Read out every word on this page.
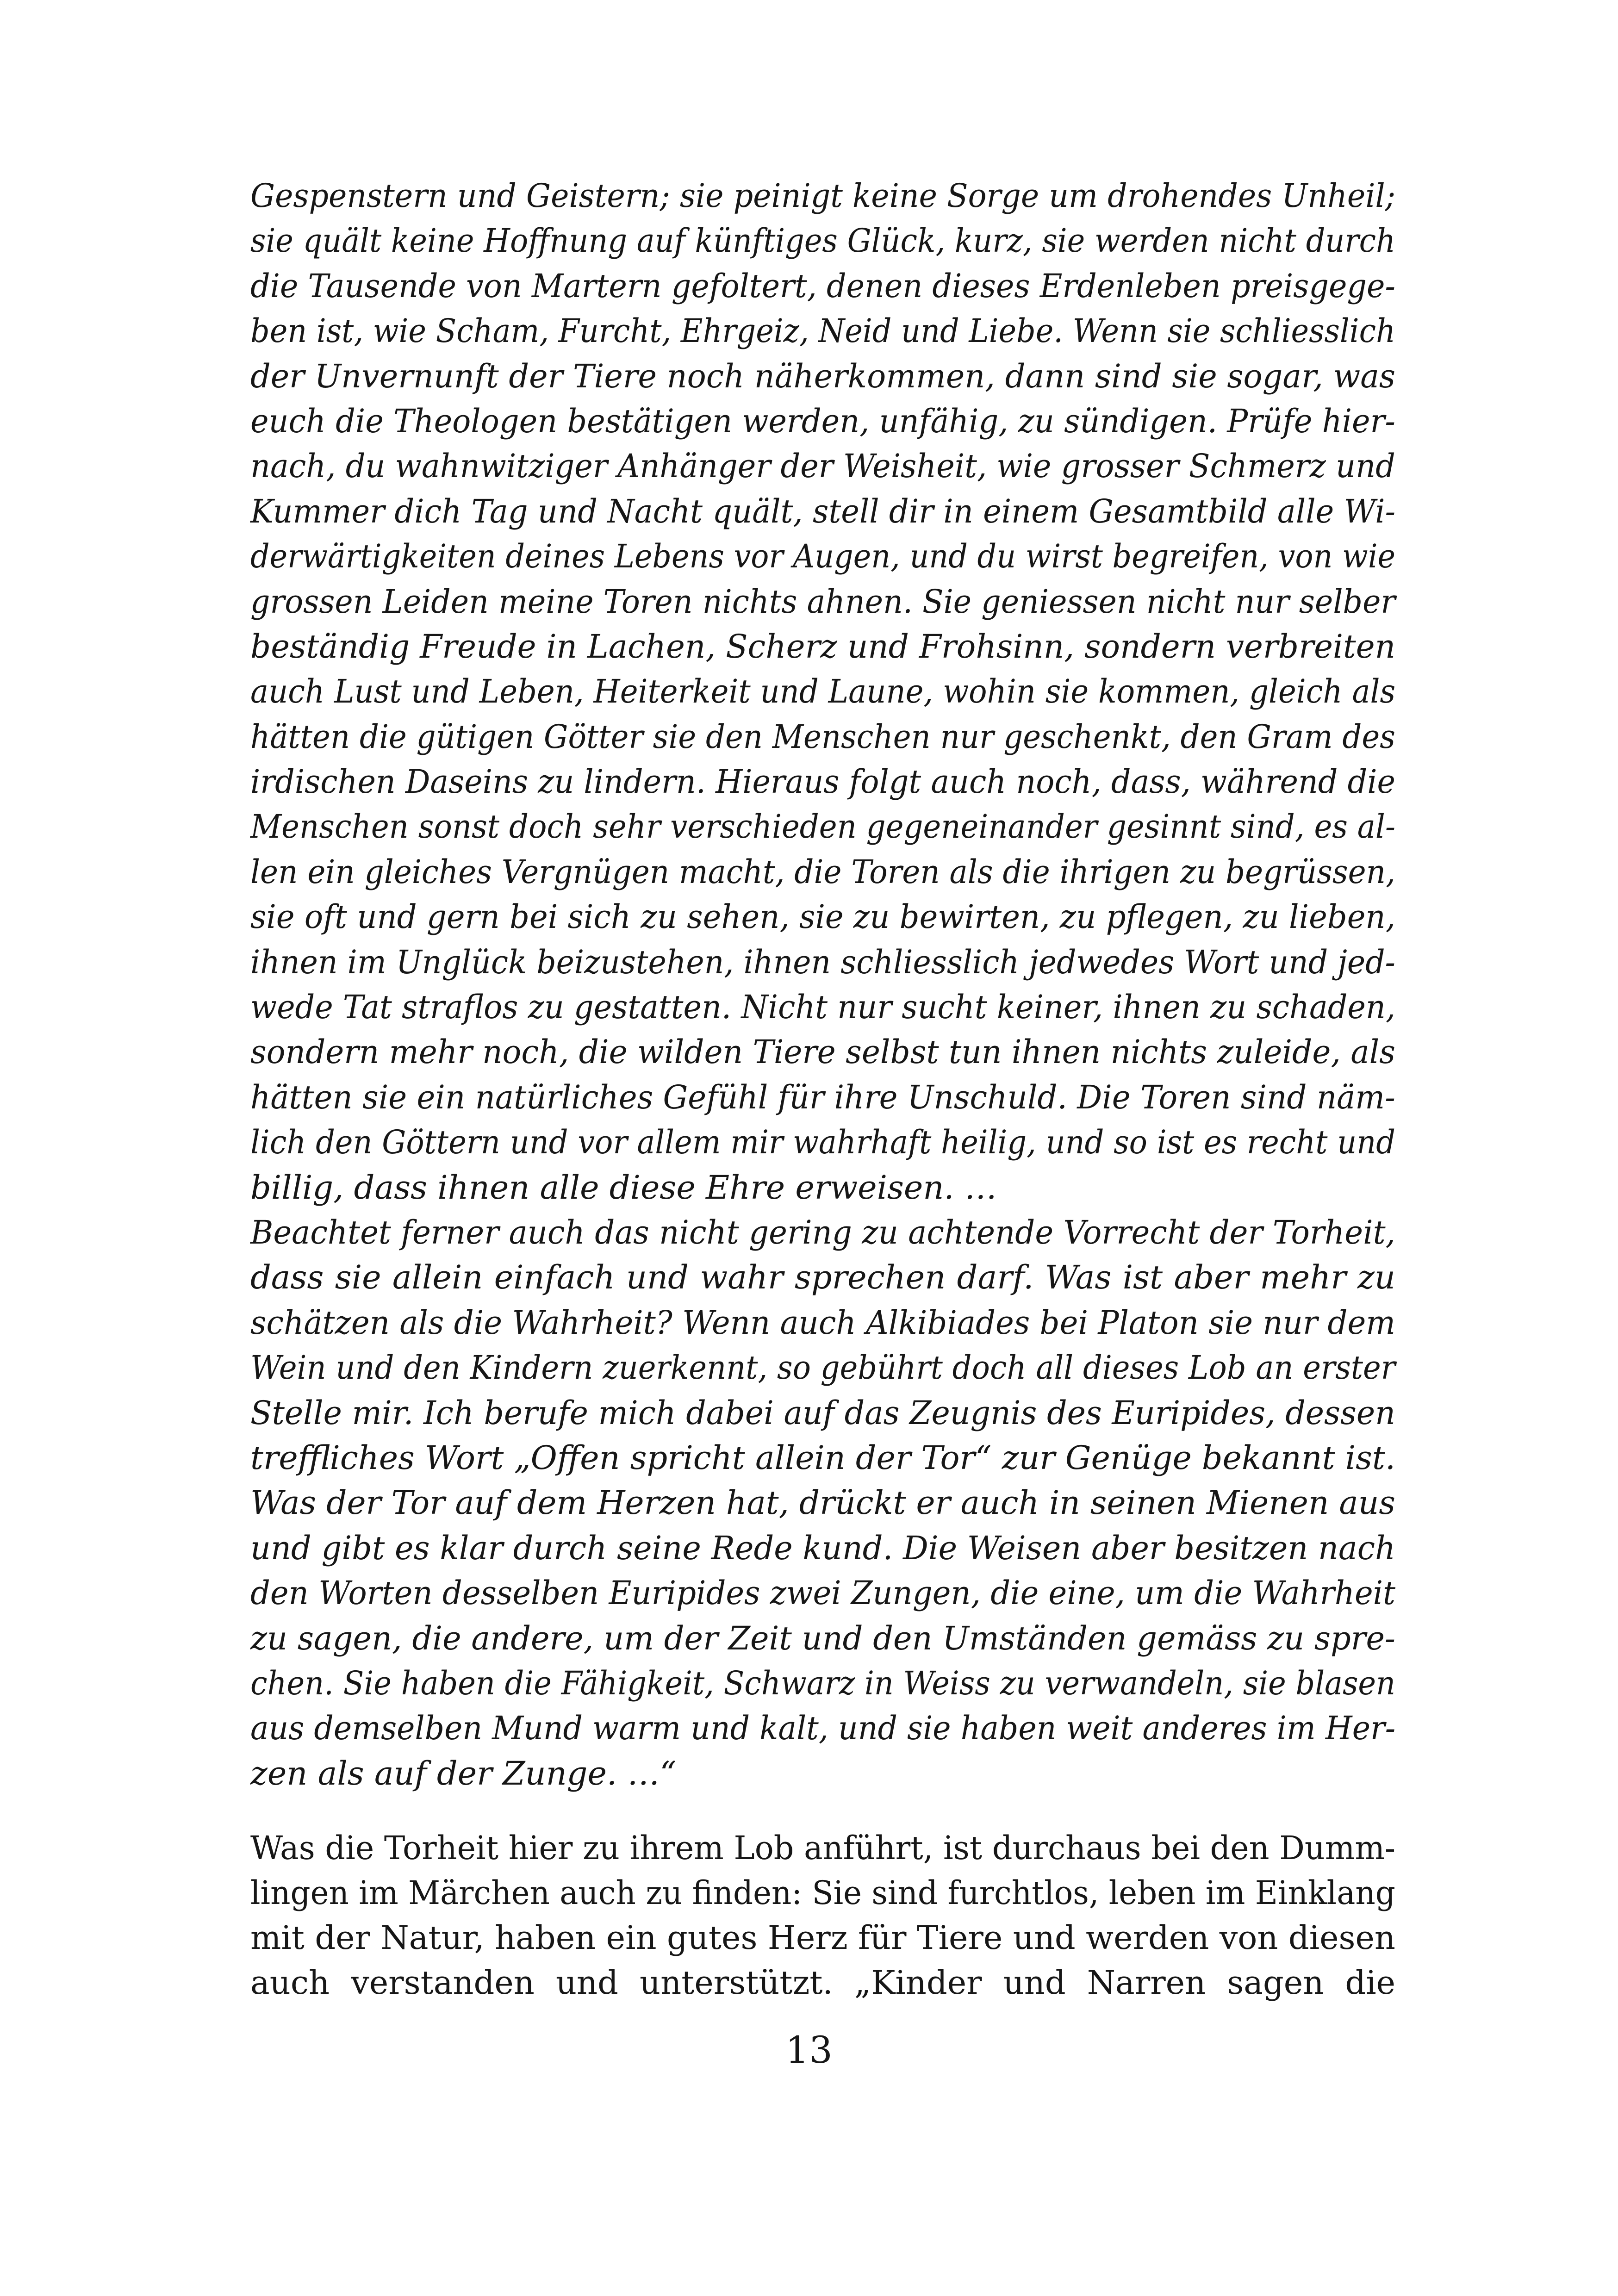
Gespenstern und Geistern; sie peinigt keine Sorge um drohendes Unheil;
sie quält keine Hoffnung auf künftiges Glück, kurz, sie werden nicht durch
die Tausende von Martern gefoltert, denen dieses Erdenleben preisgege-
ben ist, wie Scham, Furcht, Ehrgeiz, Neid und Liebe. Wenn sie schliesslich
der Unvernunft der Tiere noch näherkommen, dann sind sie sogar, was
euch die Theologen bestätigen werden, unfähig, zu sündigen. Prüfe hier-
nach, du wahnwitziger Anhänger der Weisheit, wie grosser Schmerz und
Kummer dich Tag und Nacht quält, stell dir in einem Gesamtbild alle Wi-
derwärtigkeiten deines Lebens vor Augen, und du wirst begreifen, von wie
grossen Leiden meine Toren nichts ahnen. Sie geniessen nicht nur selber
beständig Freude in Lachen, Scherz und Frohsinn, sondern verbreiten
auch Lust und Leben, Heiterkeit und Laune, wohin sie kommen, gleich als
hätten die gütigen Götter sie den Menschen nur geschenkt, den Gram des
irdischen Daseins zu lindern. Hieraus folgt auch noch, dass, während die
Menschen sonst doch sehr verschieden gegeneinander gesinnt sind, es al-
len ein gleiches Vergnügen macht, die Toren als die ihrigen zu begrüssen,
sie oft und gern bei sich zu sehen, sie zu bewirten, zu pflegen, zu lieben,
ihnen im Unglück beizustehen, ihnen schliesslich jedwedes Wort und jed-
wede Tat straflos zu gestatten. Nicht nur sucht keiner, ihnen zu schaden,
sondern mehr noch, die wilden Tiere selbst tun ihnen nichts zuleide, als
hätten sie ein natürliches Gefühl für ihre Unschuld. Die Toren sind näm-
lich den Göttern und vor allem mir wahrhaft heilig, und so ist es recht und
billig, dass ihnen alle diese Ehre erweisen. …
Beachtet ferner auch das nicht gering zu achtende Vorrecht der Torheit,
dass sie allein einfach und wahr sprechen darf. Was ist aber mehr zu
schätzen als die Wahrheit? Wenn auch Alkibiades bei Platon sie nur dem
Wein und den Kindern zuerkennt, so gebührt doch all dieses Lob an erster
Stelle mir. Ich berufe mich dabei auf das Zeugnis des Euripides, dessen
treffliches Wort „Offen spricht allein der Tor“ zur Genüge bekannt ist.
Was der Tor auf dem Herzen hat, drückt er auch in seinen Mienen aus
und gibt es klar durch seine Rede kund. Die Weisen aber besitzen nach
den Worten desselben Euripides zwei Zungen, die eine, um die Wahrheit
zu sagen, die andere, um der Zeit und den Umständen gemäss zu spre-
chen. Sie haben die Fähigkeit, Schwarz in Weiss zu verwandeln, sie blasen
aus demselben Mund warm und kalt, und sie haben weit anderes im Her-
zen als auf der Zunge. …“
Was die Torheit hier zu ihrem Lob anführt, ist durchaus bei den Dumm-
lingen im Märchen auch zu finden: Sie sind furchtlos, leben im Einklang
mit der Natur, haben ein gutes Herz für Tiere und werden von diesen
auch verstanden und unterstützt. „Kinder und Narren sagen die
13
